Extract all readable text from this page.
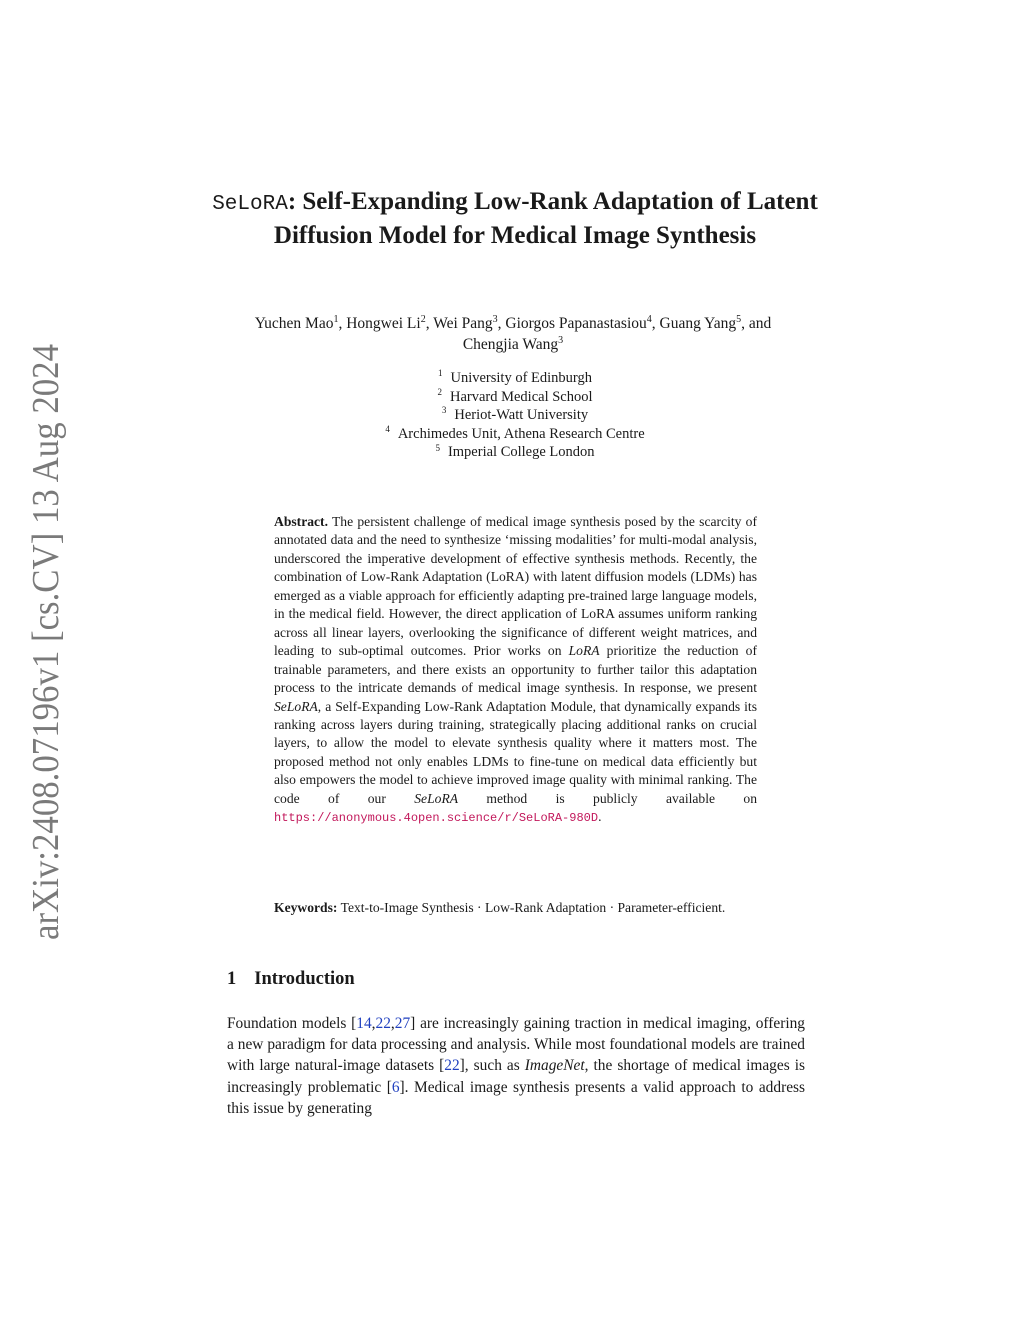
arXiv:2408.07196v1 [cs.CV] 13 Aug 2024
SeLoRA: Self-Expanding Low-Rank Adaptation of Latent Diffusion Model for Medical Image Synthesis
Yuchen Mao$^1$, Hongwei Li$^2$, Wei Pang$^3$, Giorgos Papanastasiou$^4$, Guang Yang$^5$, and Chengjia Wang$^3$
$^1$ University of Edinburgh
$^2$ Harvard Medical School
$^3$ Heriot-Watt University
$^4$ Archimedes Unit, Athena Research Centre
$^5$ Imperial College London
Abstract. The persistent challenge of medical image synthesis posed by the scarcity of annotated data and the need to synthesize ‘missing modalities’ for multi-modal analysis, underscored the imperative development of effective synthesis methods. Recently, the combination of Low-Rank Adaptation (LoRA) with latent diffusion models (LDMs) has emerged as a viable approach for efficiently adapting pre-trained large language models, in the medical field. However, the direct application of LoRA assumes uniform ranking across all linear layers, overlooking the significance of different weight matrices, and leading to sub-optimal outcomes. Prior works on LoRA prioritize the reduction of trainable parameters, and there exists an opportunity to further tailor this adaptation process to the intricate demands of medical image synthesis. In response, we present SeLoRA, a Self-Expanding Low-Rank Adaptation Module, that dynamically expands its ranking across layers during training, strategically placing additional ranks on crucial layers, to allow the model to elevate synthesis quality where it matters most. The proposed method not only enables LDMs to fine-tune on medical data efficiently but also empowers the model to achieve improved image quality with minimal ranking. The code of our SeLoRA method is publicly available on https://anonymous.4open.science/r/SeLoRA-980D.
Keywords: Text-to-Image Synthesis · Low-Rank Adaptation · Parameter-efficient.
1 Introduction
Foundation models [14,22,27] are increasingly gaining traction in medical imaging, offering a new paradigm for data processing and analysis. While most foundational models are trained with large natural-image datasets [22], such as ImageNet, the shortage of medical images is increasingly problematic [6]. Medical image synthesis presents a valid approach to address this issue by generating
